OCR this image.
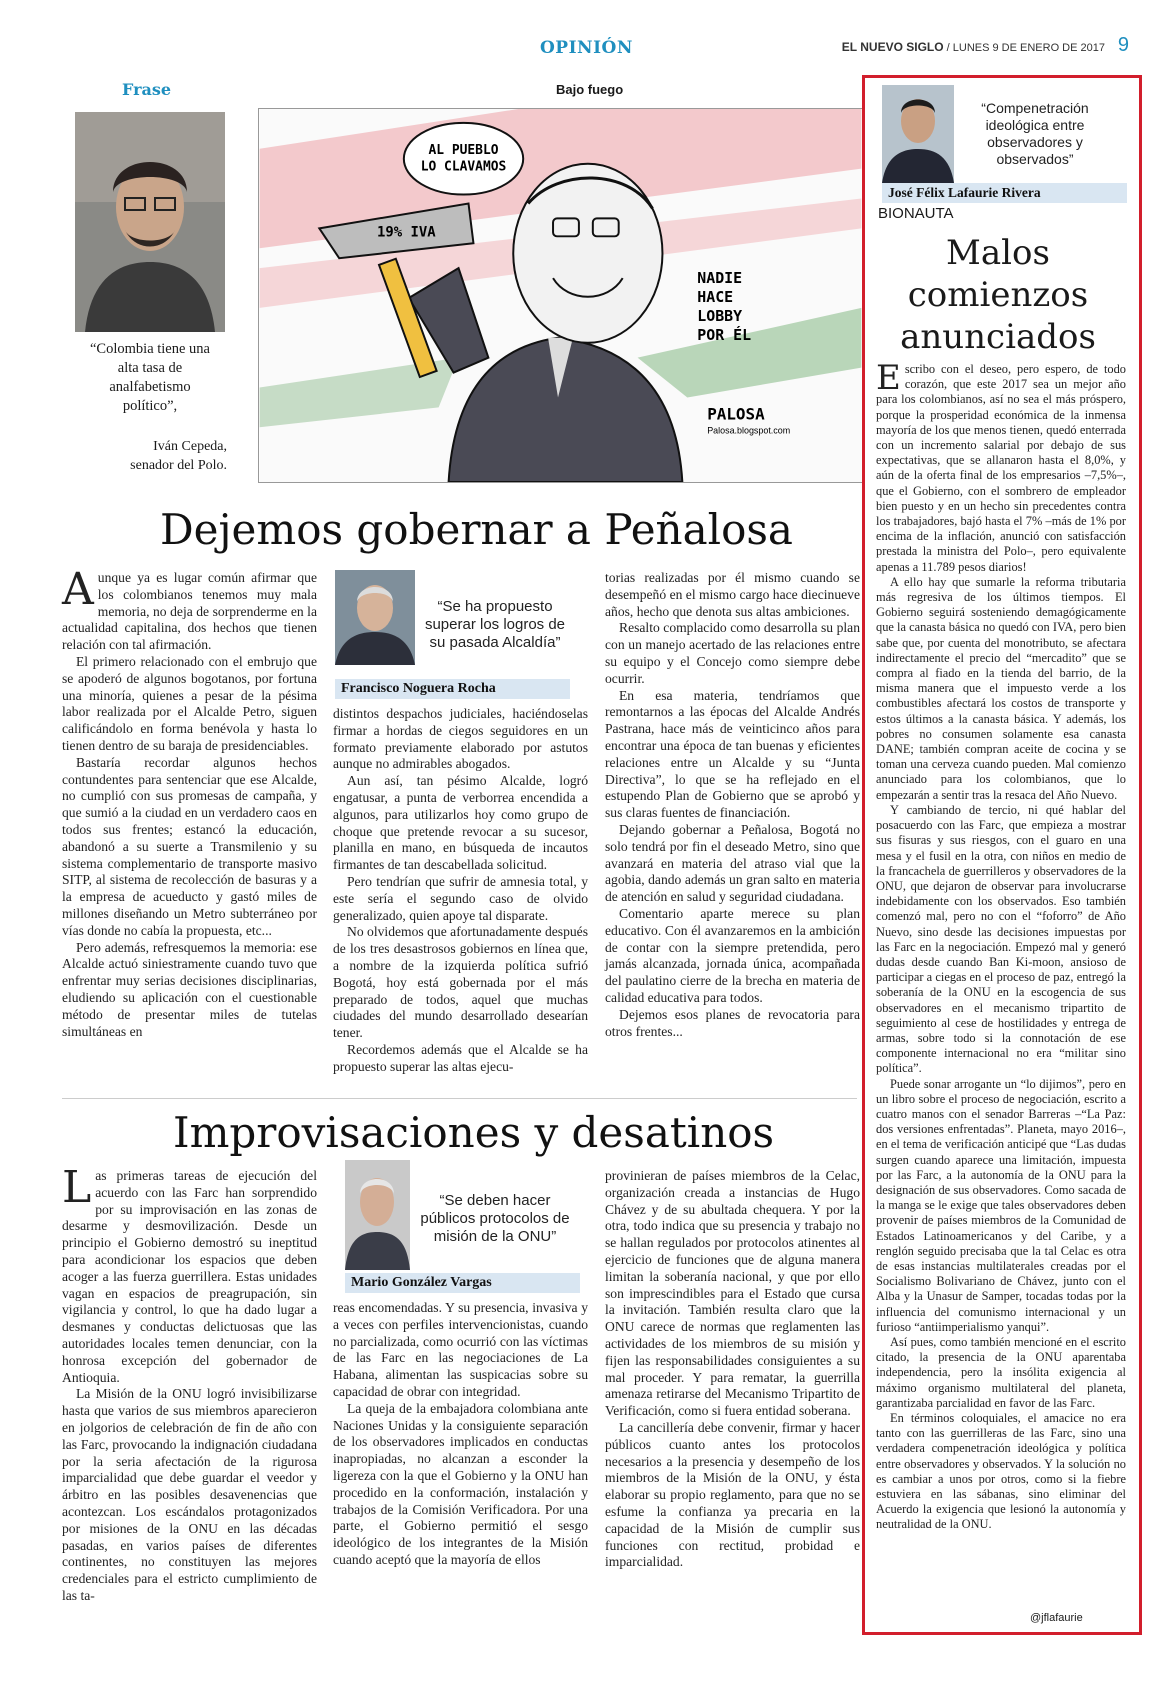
OPINIÓN	EL NUEVO SIGLO / LUNES 9 DE ENERO DE 2017 9
Frase
“Colombia tiene una alta tasa de analfabetismo político”,
Iván Cepeda,
senador del Polo.
Bajo fuego
AL PUEBLO
LO CLAVAMOS
19% IVA
NADIE
HACE
LOBBY
POR ÉL
PALOSA
Palosa.blogspot.com
Dejemos gobernar a Peñalosa

Aunque ya es lugar común afirmar que los colombianos tenemos muy mala memoria, no deja de sorprenderme en la actualidad capitalina, dos hechos que tienen relación con tal afirmación.

El primero relacionado con el embrujo que se apoderó de algunos bogotanos, por fortuna una minoría, quienes a pesar de la pésima labor realizada por el Alcalde Petro, siguen calificándolo en forma benévola y hasta lo tienen dentro de su baraja de presidenciables.

Bastaría recordar algunos hechos contundentes para sentenciar que ese Alcalde, no cumplió con sus promesas de campaña, y que sumió a la ciudad en un verdadero caos en todos sus frentes; estancó la educación, abandonó a su suerte a Transmilenio y su sistema complementario de transporte masivo SITP, al sistema de recolección de basuras y a la empresa de acueducto y gastó miles de millones diseñando un Metro subterráneo por vías donde no cabía la propuesta, etc...

Pero además, refresquemos la memoria: ese Alcalde actuó siniestramente cuando tuvo que enfrentar muy serias decisiones disciplinarias, eludiendo su aplicación con el cuestionable método de presentar miles de tutelas simultáneas en

“Se ha propuesto superar los logros de su pasada Alcaldía”
Francisco Noguera Rocha

distintos despachos judiciales, haciéndoselas firmar a hordas de ciegos seguidores en un formato previamente elaborado por astutos aunque no admirables abogados.

Aun así, tan pésimo Alcalde, logró engatusar, a punta de verborrea encendida a algunos, para utilizarlos hoy como grupo de choque que pretende revocar a su sucesor, planilla en mano, en búsqueda de incautos firmantes de tan descabellada solicitud.

Pero tendrían que sufrir de amnesia total, y este sería el segundo caso de olvido generalizado, quien apoye tal disparate.

No olvidemos que afortunadamente después de los tres desastrosos gobiernos en línea que, a nombre de la izquierda política sufrió Bogotá, hoy está gobernada por el más preparado de todos, aquel que muchas ciudades del mundo desarrollado desearían tener.

Recordemos además que el Alcalde se ha propuesto superar las altas ejecu-

torias realizadas por él mismo cuando se desempeñó en el mismo cargo hace diecinueve años, hecho que denota sus altas ambiciones.

Resalto complacido como desarrolla su plan con un manejo acertado de las relaciones entre su equipo y el Concejo como siempre debe ocurrir.

En esa materia, tendríamos que remontarnos a las épocas del Alcalde Andrés Pastrana, hace más de veinticinco años para encontrar una época de tan buenas y eficientes relaciones entre un Alcalde y su “Junta Directiva”, lo que se ha reflejado en el estupendo Plan de Gobierno que se aprobó y sus claras fuentes de financiación.

Dejando gobernar a Peñalosa, Bogotá no solo tendrá por fin el deseado Metro, sino que avanzará en materia del atraso vial que la agobia, dando además un gran salto en materia de atención en salud y seguridad ciudadana.

Comentario aparte merece su plan educativo. Con él avanzaremos en la ambición de contar con la siempre pretendida, pero jamás alcanzada, jornada única, acompañada del paulatino cierre de la brecha en materia de calidad educativa para todos.

Dejemos esos planes de revocatoria para otros frentes...

Improvisaciones y desatinos

Las primeras tareas de ejecución del acuerdo con las Farc han sorprendido por su improvisación en las zonas de desarme y desmovilización. Desde un principio el Gobierno demostró su ineptitud para acondicionar los espacios que deben acoger a las fuerza guerrillera. Estas unidades vagan en espacios de preagrupación, sin vigilancia y control, lo que ha dado lugar a desmanes y conductas delictuosas que las autoridades locales temen denunciar, con la honrosa excepción del gobernador de Antioquia.

La Misión de la ONU logró invisibilizarse hasta que varios de sus miembros aparecieron en jolgorios de celebración de fin de año con las Farc, provocando la indignación ciudadana por la seria afectación de la rigurosa imparcialidad que debe guardar el veedor y árbitro en las posibles desavenencias que acontezcan. Los escándalos protagonizados por misiones de la ONU en las décadas pasadas, en varios países de diferentes continentes, no constituyen las mejores credenciales para el estricto cumplimiento de las ta-

“Se deben hacer públicos protocolos de misión de la ONU”
Mario González Vargas

reas encomendadas. Y su presencia, invasiva y a veces con perfiles intervencionistas, cuando no parcializada, como ocurrió con las víctimas de las Farc en las negociaciones de La Habana, alimentan las suspicacias sobre su capacidad de obrar con integridad.

La queja de la embajadora colombiana ante Naciones Unidas y la consiguiente separación de los observadores implicados en conductas inapropiadas, no alcanzan a esconder la ligereza con la que el Gobierno y la ONU han procedido en la conformación, instalación y trabajos de la Comisión Verificadora. Por una parte, el Gobierno permitió el sesgo ideológico de los integrantes de la Misión cuando aceptó que la mayoría de ellos

provinieran de países miembros de la Celac, organización creada a instancias de Hugo Chávez y de su abultada chequera. Y por la otra, todo indica que su presencia y trabajo no se hallan regulados por protocolos atinentes al ejercicio de funciones que de alguna manera limitan la soberanía nacional, y que por ello son imprescindibles para el Estado que cursa la invitación. También resulta claro que la ONU carece de normas que reglamenten las actividades de los miembros de su misión y fijen las responsabilidades consiguientes a su mal proceder. Y para rematar, la guerrilla amenaza retirarse del Mecanismo Tripartito de Verificación, como si fuera entidad soberana.

La cancillería debe convenir, firmar y hacer públicos cuanto antes los protocolos necesarios a la presencia y desempeño de los miembros de la Misión de la ONU, y ésta elaborar su propio reglamento, para que no se esfume la confianza ya precaria en la capacidad de la Misión de cumplir sus funciones con rectitud, probidad e imparcialidad.

“Compenetración ideológica entre observadores y observados”
José Félix Lafaurie Rivera
BIONAUTA
Malos
comienzos
anunciados

Escribo con el deseo, pero espero, de todo corazón, que este 2017 sea un mejor año para los colombianos, así no sea el más próspero, porque la prosperidad económica de la inmensa mayoría de los que menos tienen, quedó enterrada con un incremento salarial por debajo de sus expectativas, que se allanaron hasta el 8,0%, y aún de la oferta final de los empresarios –7,5%–, que el Gobierno, con el sombrero de empleador bien puesto y en un hecho sin precedentes contra los trabajadores, bajó hasta el 7% –más de 1% por encima de la inflación, anunció con satisfacción prestada la ministra del Polo–, pero equivalente apenas a 11.789 pesos diarios!

A ello hay que sumarle la reforma tributaria más regresiva de los últimos tiempos. El Gobierno seguirá sosteniendo demagógicamente que la canasta básica no quedó con IVA, pero bien sabe que, por cuenta del monotributo, se afectara indirectamente el precio del “mercadito” que se compra al fiado en la tienda del barrio, de la misma manera que el impuesto verde a los combustibles afectará los costos de transporte y estos últimos a la canasta básica. Y además, los pobres no consumen solamente esa canasta DANE; también compran aceite de cocina y se toman una cerveza cuando pueden. Mal comienzo anunciado para los colombianos, que lo empezarán a sentir tras la resaca del Año Nuevo.

Y cambiando de tercio, ni qué hablar del posacuerdo con las Farc, que empieza a mostrar sus fisuras y sus riesgos, con el guaro en una mesa y el fusil en la otra, con niños en medio de la francachela de guerrilleros y observadores de la ONU, que dejaron de observar para involucrarse indebidamente con los observados. Eso también comenzó mal, pero no con el “foforro” de Año Nuevo, sino desde las decisiones impuestas por las Farc en la negociación. Empezó mal y generó dudas desde cuando Ban Ki-moon, ansioso de participar a ciegas en el proceso de paz, entregó la soberanía de la ONU en la escogencia de sus observadores en el mecanismo tripartito de seguimiento al cese de hostilidades y entrega de armas, sobre todo si la connotación de ese componente internacional no era “militar sino política”.

Puede sonar arrogante un “lo dijimos”, pero en un libro sobre el proceso de negociación, escrito a cuatro manos con el senador Barreras –“La Paz: dos versiones enfrentadas”. Planeta, mayo 2016–, en el tema de verificación anticipé que “Las dudas surgen cuando aparece una limitación, impuesta por las Farc, a la autonomía de la ONU para la designación de sus observadores. Como sacada de la manga se le exige que tales observadores deben provenir de países miembros de la Comunidad de Estados Latinoamericanos y del Caribe, y a renglón seguido precisaba que la tal Celac es otra de esas instancias multilaterales creadas por el Socialismo Bolivariano de Chávez, junto con el Alba y la Unasur de Samper, tocadas todas por la influencia del comunismo internacional y un furioso “antiimperialismo yanqui”.

Así pues, como también mencioné en el escrito citado, la presencia de la ONU aparentaba independencia, pero la insólita exigencia al máximo organismo multilateral del planeta, garantizaba parcialidad en favor de las Farc.

En términos coloquiales, el amacice no era tanto con las guerrilleras de las Farc, sino una verdadera compenetración ideológica y política entre observadores y observados. Y la solución no es cambiar a unos por otros, como si la fiebre estuviera en las sábanas, sino eliminar del Acuerdo la exigencia que lesionó la autonomía y neutralidad de la ONU.

@jflafaurie
